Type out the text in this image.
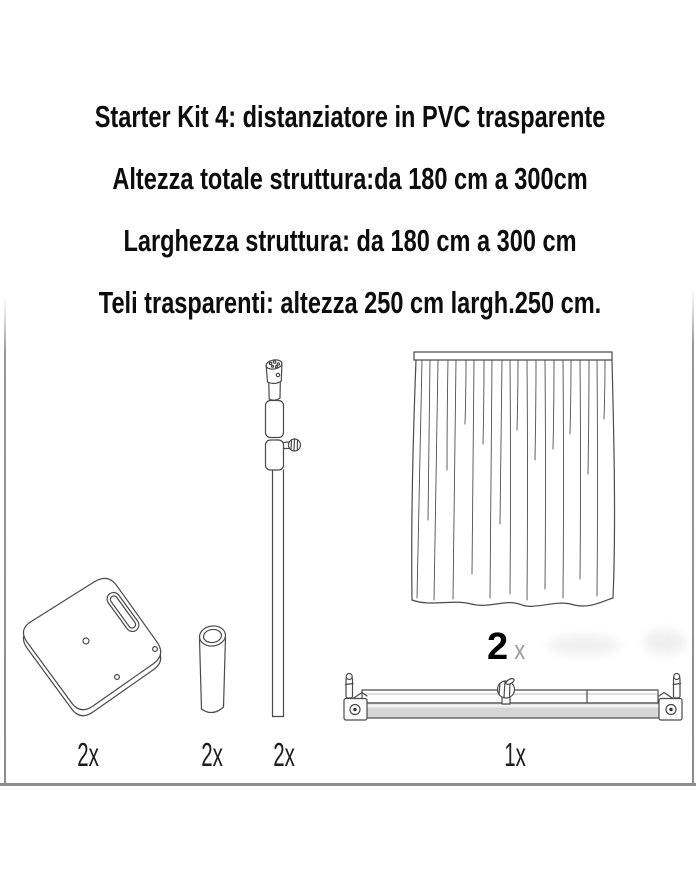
Starter Kit 4: distanziatore in PVC trasparente
Altezza totale struttura:da 180 cm a 300cm
Larghezza struttura: da 180 cm a 300 cm
Teli trasparenti: altezza 250 cm largh.250 cm.
2x	2x 2x	1x
2 x
